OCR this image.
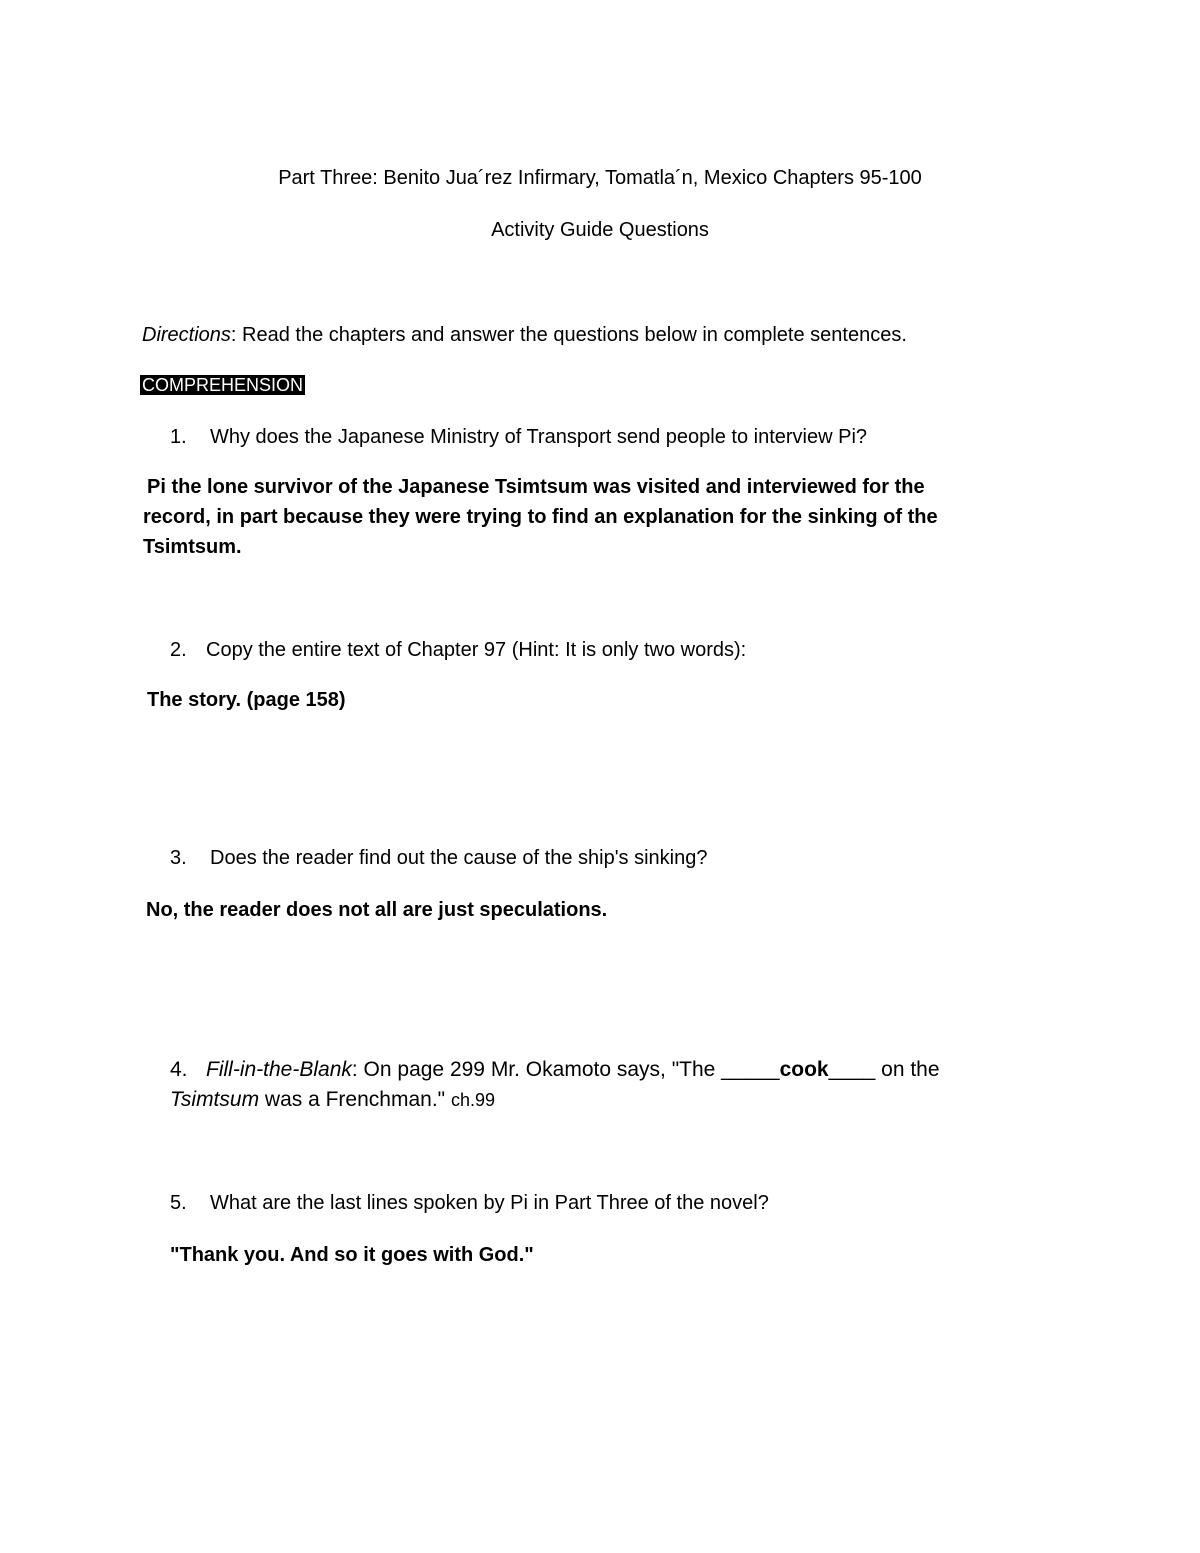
Part Three: Benito Jua´rez Infirmary, Tomatla´n, Mexico Chapters 95-100
Activity Guide Questions
Directions: Read the chapters and answer the questions below in complete sentences.
COMPREHENSION
1. Why does the Japanese Ministry of Transport send people to interview Pi?
Pi the lone survivor of the Japanese Tsimtsum was visited and interviewed for the
record, in part because they were trying to find an explanation for the sinking of the
Tsimtsum.
2. Copy the entire text of Chapter 97 (Hint: It is only two words):
The story. (page 158)
3. Does the reader find out the cause of the ship's sinking?
No, the reader does not all are just speculations.
4. Fill-in-the-Blank: On page 299 Mr. Okamoto says, "The _____cook____ on the
Tsimtsum was a Frenchman." ch.99
5. What are the last lines spoken by Pi in Part Three of the novel?
"Thank you. And so it goes with God."
